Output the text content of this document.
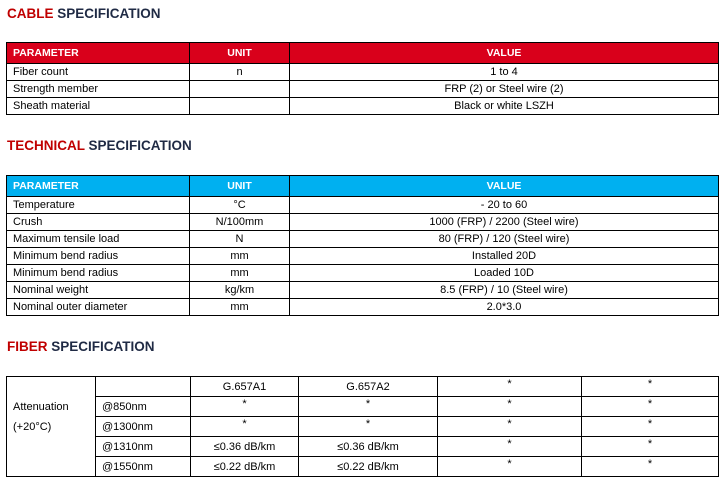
CABLE SPECIFICATION
PARAMETER	UNIT	VALUE
Fiber count	n	1 to 4
Strength member		FRP (2) or Steel wire (2)
Sheath material		Black or white LSZH
TECHNICAL SPECIFICATION
PARAMETER	UNIT	VALUE
Temperature	°C	- 20 to 60
Crush	N/100mm	1000 (FRP) / 2200 (Steel wire)
Maximum tensile load	N	80 (FRP) / 120 (Steel wire)
Minimum bend radius	mm	Installed 20D
Minimum bend radius	mm	Loaded 10D
Nominal weight	kg/km	8.5 (FRP) / 10 (Steel wire)
Nominal outer diameter	mm	2.0*3.0
FIBER SPECIFICATION
		G.657A1	G.657A2	*	*
Attenuation	@850nm	*	*	*	*
(+20°C)	@1300nm	*	*	*	*
	@1310nm	≤0.36 dB/km	≤0.36 dB/km	*	*
	@1550nm	≤0.22 dB/km	≤0.22 dB/km	*	*
